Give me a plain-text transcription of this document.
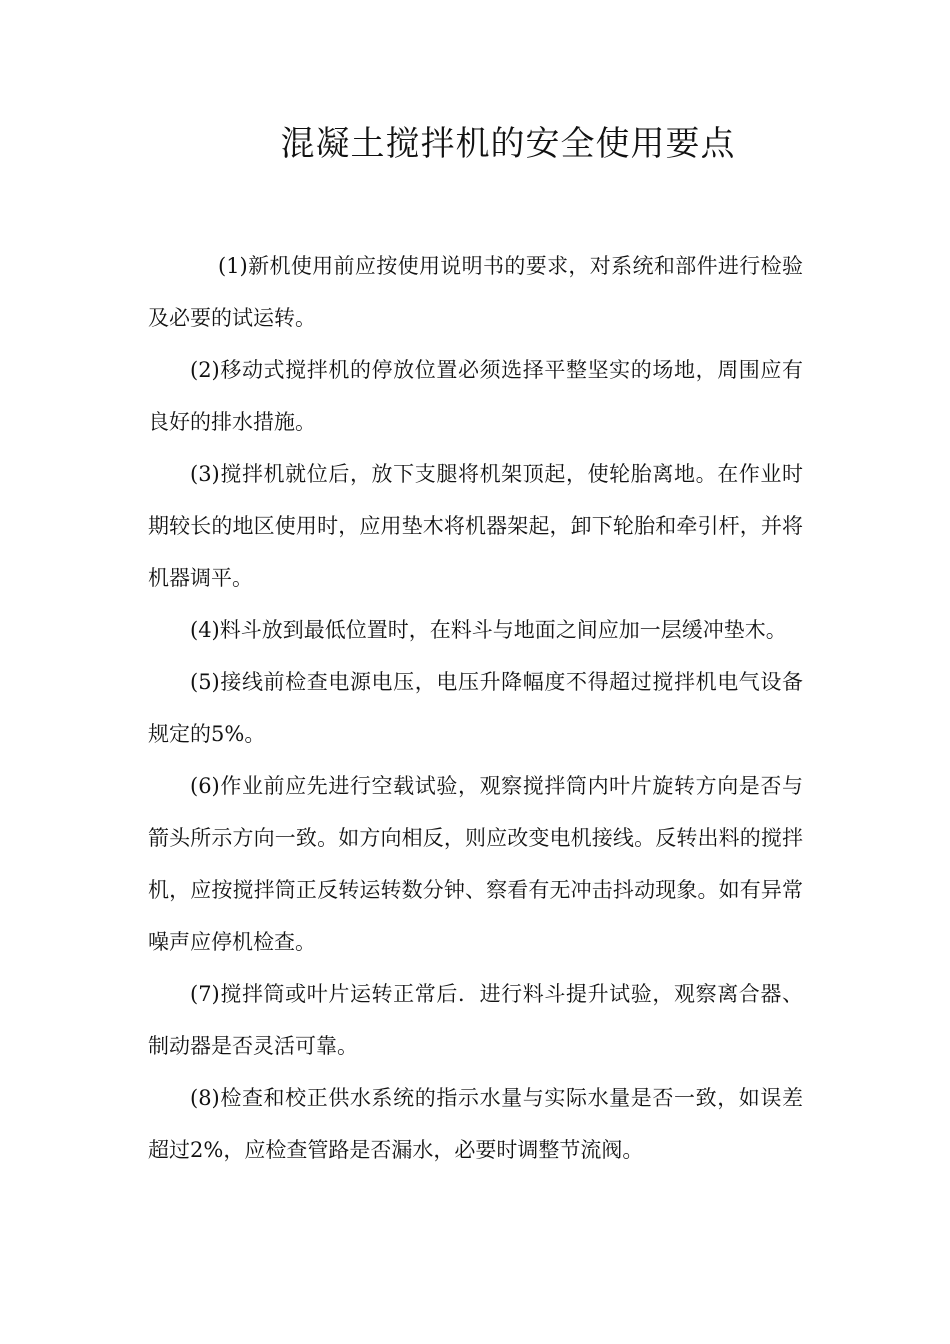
混凝土搅拌机的安全使用要点

(1)新机使用前应按使用说明书的要求，对系统和部件进行检验及必要的试运转。

(2)移动式搅拌机的停放位置必须选择平整坚实的场地，周围应有良好的排水措施。

(3)搅拌机就位后，放下支腿将机架顶起，使轮胎离地。在作业时期较长的地区使用时，应用垫木将机器架起，卸下轮胎和牵引杆，并将机器调平。

(4)料斗放到最低位置时，在料斗与地面之间应加一层缓冲垫木。

(5)接线前检查电源电压，电压升降幅度不得超过搅拌机电气设备规定的5%。

(6)作业前应先进行空载试验，观察搅拌筒内叶片旋转方向是否与箭头所示方向一致。如方向相反，则应改变电机接线。反转出料的搅拌机，应按搅拌筒正反转运转数分钟、察看有无冲击抖动现象。如有异常噪声应停机检查。

(7)搅拌筒或叶片运转正常后．进行料斗提升试验，观察离合器、制动器是否灵活可靠。

(8)检查和校正供水系统的指示水量与实际水量是否一致，如误差超过2%，应检查管路是否漏水，必要时调整节流阀。
